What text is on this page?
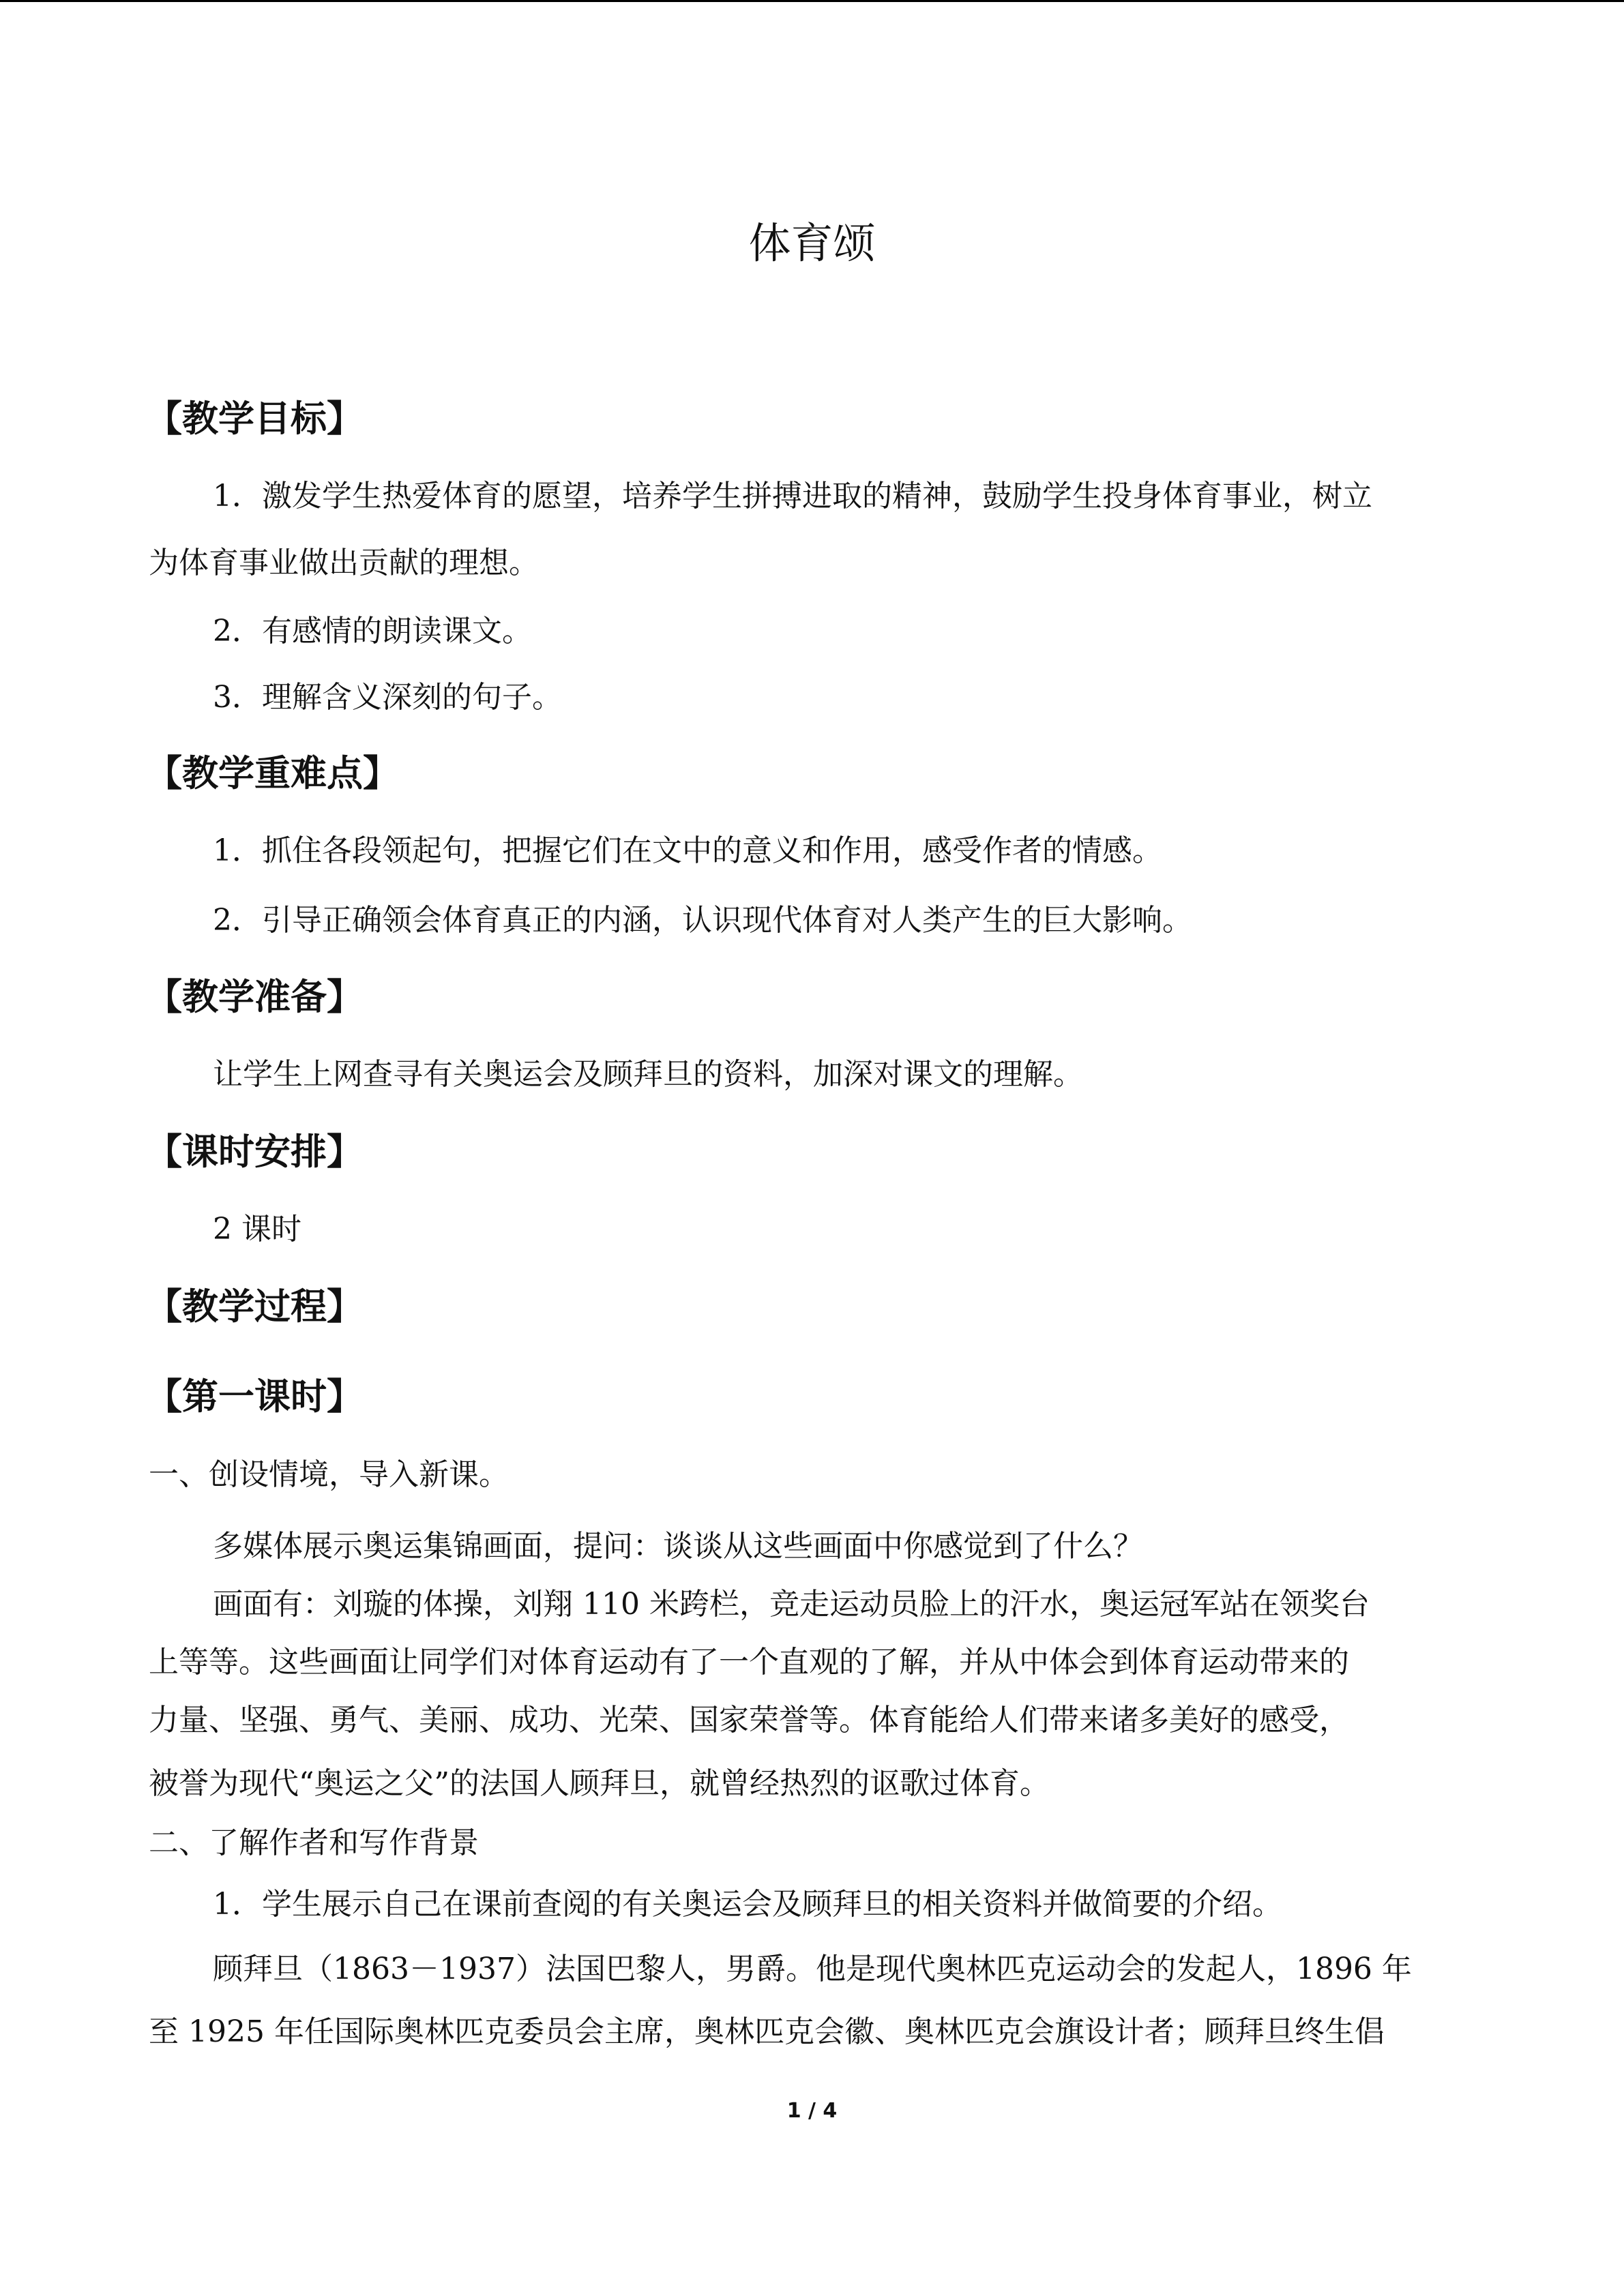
体育颂
【教学目标】
1．激发学生热爱体育的愿望，培养学生拼搏进取的精神，鼓励学生投身体育事业，树立
为体育事业做出贡献的理想。
2．有感情的朗读课文。
3．理解含义深刻的句子。
【教学重难点】
1．抓住各段领起句，把握它们在文中的意义和作用，感受作者的情感。
2．引导正确领会体育真正的内涵，认识现代体育对人类产生的巨大影响。
【教学准备】
让学生上网查寻有关奥运会及顾拜旦的资料，加深对课文的理解。
【课时安排】
2 课时
【教学过程】
【第一课时】
一、创设情境，导入新课。
多媒体展示奥运集锦画面，提问：谈谈从这些画面中你感觉到了什么？
画面有：刘璇的体操，刘翔 110 米跨栏，竞走运动员脸上的汗水，奥运冠军站在领奖台
上等等。这些画面让同学们对体育运动有了一个直观的了解，并从中体会到体育运动带来的
力量、坚强、勇气、美丽、成功、光荣、国家荣誉等。体育能给人们带来诸多美好的感受，
被誉为现代“奥运之父”的法国人顾拜旦，就曾经热烈的讴歌过体育。
二、了解作者和写作背景
1．学生展示自己在课前查阅的有关奥运会及顾拜旦的相关资料并做简要的介绍。
顾拜旦（1863－1937）法国巴黎人，男爵。他是现代奥林匹克运动会的发起人，1896 年
至 1925 年任国际奥林匹克委员会主席，奥林匹克会徽、奥林匹克会旗设计者；顾拜旦终生倡
1 / 4
